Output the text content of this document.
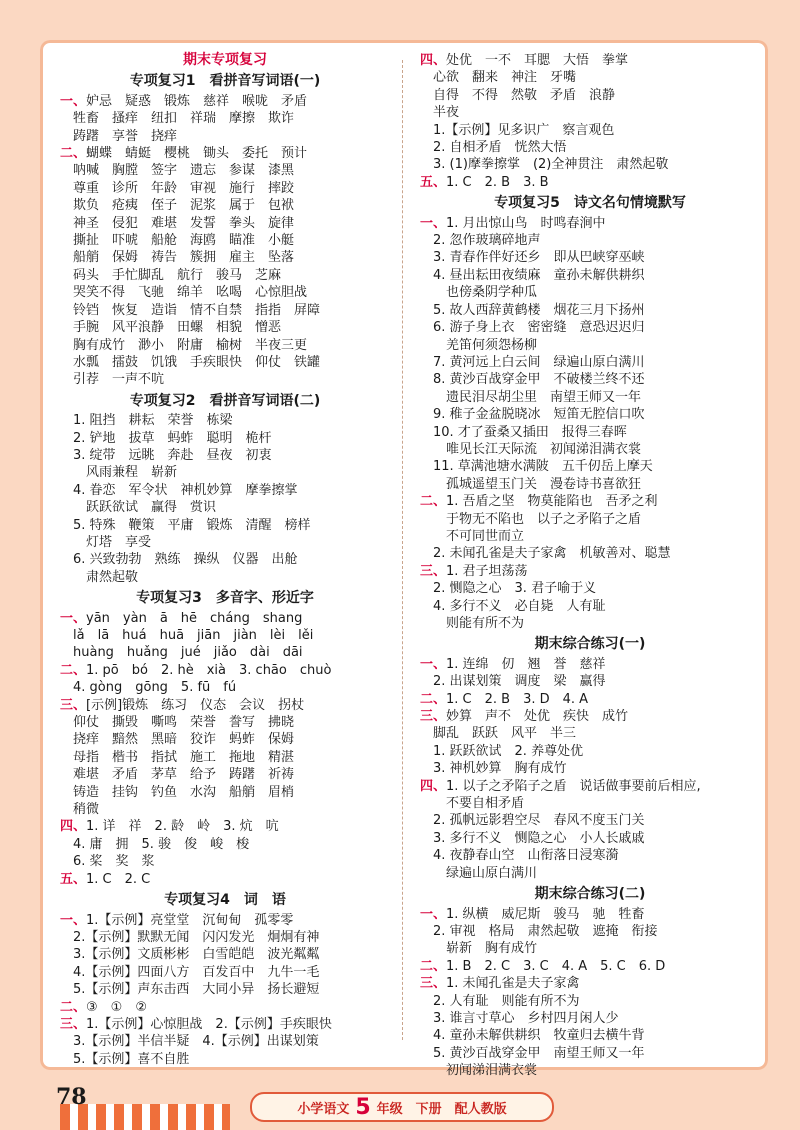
期末专项复习
专项复习1　看拼音写词语(一)
一、妒忌　疑惑　锻炼　慈祥　喉咙　矛盾
　牲畜　搔痒　纽扣　祥瑞　摩擦　欺诈
　踌躇　享誉　挠痒
二、蝴蝶　蜻蜓　樱桃　锄头　委托　预计
　呐喊　胸膛　签字　遗忘　参谋　漆黑
　尊重　诊所　年龄　审视　施行　摔跤
　欺负　疮痍　侄子　泥浆　属于　包袱
　神圣　侵犯　难堪　发誓　拳头　旋律
　撕扯　吓唬　船舱　海鸥　瞄准　小艇
　船艄　保姆　祷告　簇拥　雇主　坠落
　码头　手忙脚乱　航行　骏马　芝麻
　哭笑不得　飞驰　绵羊　吆喝　心惊胆战
　铃铛　恢复　造诣　情不自禁　指指　屏障
　手腕　风平浪静　田螺　相貌　憎恶
　胸有成竹　渺小　附庸　榆树　半夜三更
　水瓢　擂鼓　饥饿　手疾眼快　仰仗　铁罐
　引荐　一声不吭
专项复习2　看拼音写词语(二)
　1. 阻挡　耕耘　荣誉　栋梁
　2. 铲地　拔草　蚂蚱　聪明　桅杆
　3. 绽带　远眺　奔赴　昼夜　初衷
　　风雨兼程　崭新
　4. 眷恋　军令状　神机妙算　摩拳擦掌
　　跃跃欲试　赢得　赏识
　5. 特殊　鞭策　平庸　锻炼　清醒　榜样
　　灯塔　享受
　6. 兴致勃勃　熟练　操纵　仪器　出舱
　　肃然起敬
专项复习3　多音字、形近字
一、yān　yàn　ā　hē　cháng　shang
　lǎ　lā　huá　huā　jiān　jiàn　lèi　lěi
　huàng　huǎng　jué　jiǎo　dài　dāi
二、1. pō　bó　2. hè　xià　3. chāo　chuò
　4. gòng　gōng　5. fū　fú
三、[示例]锻炼　练习　仪态　会议　拐杖
　仰仗　撕毁　嘶鸣　荣誉　誊写　拂晓
　挠痒　黯然　黑暗　狡诈　蚂蚱　保姆
　母指　楷书　指拭　施工　拖地　精湛
　难堪　矛盾　茅草　给予　踌躇　祈祷
　铸造　挂钩　钓鱼　水沟　船艄　眉梢
　稍微
四、1. 详　祥　2. 龄　岭　3. 炕　吭
　4. 庸　拥　5. 骏　俊　峻　梭
　6. 桨　奖　浆
五、1. C　2. C
专项复习4　词　语
一、1.【示例】亮堂堂　沉甸甸　孤零零
　2.【示例】默默无闻　闪闪发光　炯炯有神
　3.【示例】文质彬彬　白雪皑皑　波光粼粼
　4.【示例】四面八方　百发百中　九牛一毛
　5.【示例】声东击西　大同小异　扬长避短
二、③　①　②
三、1.【示例】心惊胆战　2.【示例】手疾眼快
　3.【示例】半信半疑　4.【示例】出谋划策
　5.【示例】喜不自胜
四、处优　一不　耳腮　大悟　拳掌
　心欲　翻来　神注　牙嘴
　自得　不得　然敬　矛盾　浪静
　半夜
　1.【示例】见多识广　察言观色
　2. 自相矛盾　恍然大悟
　3. (1)摩拳擦掌　(2)全神贯注　肃然起敬
五、1. C　2. B　3. B
专项复习5　诗文名句情境默写
一、1. 月出惊山鸟　时鸣春涧中
　2. 忽作玻璃碎地声
　3. 青春作伴好还乡　即从巴峡穿巫峡
　4. 昼出耘田夜绩麻　童孙未解供耕织
　　也傍桑阴学种瓜
　5. 故人西辞黄鹤楼　烟花三月下扬州
　6. 游子身上衣　密密缝　意恐迟迟归
　　羌笛何须怨杨柳
　7. 黄河远上白云间　绿遍山原白满川
　8. 黄沙百战穿金甲　不破楼兰终不还
　　遗民泪尽胡尘里　南望王师又一年
　9. 稚子金盆脱晓冰　短笛无腔信口吹
　10. 才了蚕桑又插田　报得三春晖
　　唯见长江天际流　初闻涕泪满衣裳
　11. 草满池塘水满陂　五千仞岳上摩天
　　孤城遥望玉门关　漫卷诗书喜欲狂
二、1. 吾盾之坚　物莫能陷也　吾矛之利
　　于物无不陷也　以子之矛陷子之盾
　　不可同世而立
　2. 未闻孔雀是夫子家禽　机敏善对、聪慧
三、1. 君子坦荡荡
　2. 恻隐之心　3. 君子喻于义
　4. 多行不义　必自毙　人有耻
　　则能有所不为
期末综合练习(一)
一、1. 连绵　仞　翘　誉　慈祥
　2. 出谋划策　调度　梁　赢得
二、1. C　2. B　3. D　4. A
三、妙算　声不　处优　疾快　成竹
　脚乱　跃跃　风平　半三
　1. 跃跃欲试　2. 养尊处优
　3. 神机妙算　胸有成竹
四、1. 以子之矛陷子之盾　说话做事要前后相应,
　　不要自相矛盾
　2. 孤帆远影碧空尽　春风不度玉门关
　3. 多行不义　恻隐之心　小人长戚戚
　4. 夜静春山空　山衔落日浸寒漪
　　绿遍山原白满川
期末综合练习(二)
一、1. 纵横　威尼斯　骏马　驰　牲畜
　2. 审视　格局　肃然起敬　遮掩　衔接
　　崭新　胸有成竹
二、1. B　2. C　3. C　4. A　5. C　6. D
三、1. 未闻孔雀是夫子家禽
　2. 人有耻　则能有所不为
　3. 谁言寸草心　乡村四月闲人少
　4. 童孙未解供耕织　牧童归去横牛背
　5. 黄沙百战穿金甲　南望王师又一年
　　初闻涕泪满衣裳
78	小学语文 5 年级　下册　配人教版
